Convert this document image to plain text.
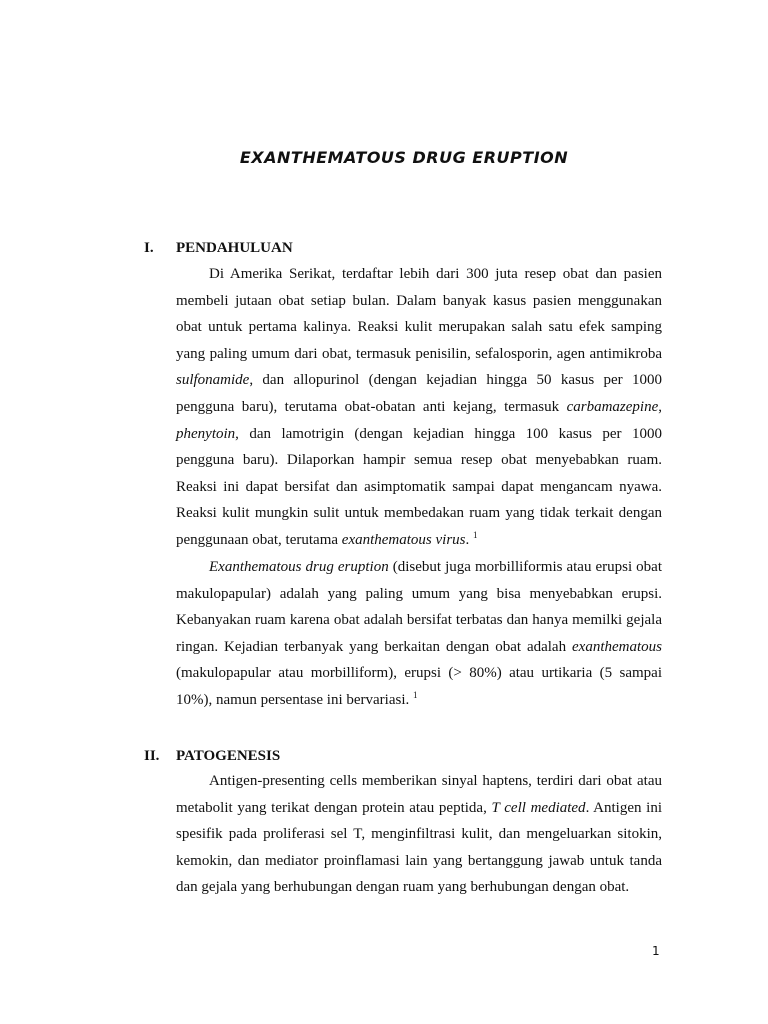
EXANTHEMATOUS DRUG ERUPTION
I. PENDAHULUAN

Di Amerika Serikat, terdaftar lebih dari 300 juta resep obat dan pasien membeli jutaan obat setiap bulan. Dalam banyak kasus pasien menggunakan obat untuk pertama kalinya. Reaksi kulit merupakan salah satu efek samping yang paling umum dari obat, termasuk penisilin, sefalosporin, agen antimikroba sulfonamide, dan allopurinol (dengan kejadian hingga 50 kasus per 1000 pengguna baru), terutama obat-obatan anti kejang, termasuk carbamazepine, phenytoin, dan lamotrigin (dengan kejadian hingga 100 kasus per 1000 pengguna baru). Dilaporkan hampir semua resep obat menyebabkan ruam. Reaksi ini dapat bersifat dan asimptomatik sampai dapat mengancam nyawa. Reaksi kulit mungkin sulit untuk membedakan ruam yang tidak terkait dengan penggunaan obat, terutama exanthematous virus. $^1$

Exanthematous drug eruption (disebut juga morbilliformis atau erupsi obat makulopapular) adalah yang paling umum yang bisa menyebabkan erupsi. Kebanyakan ruam karena obat adalah bersifat terbatas dan hanya memilki gejala ringan. Kejadian terbanyak yang berkaitan dengan obat adalah exanthematous (makulopapular atau morbilliform), erupsi (> 80%) atau urtikaria (5 sampai 10%), namun persentase ini bervariasi. $^1$

II. PATOGENESIS

Antigen-presenting cells memberikan sinyal haptens, terdiri dari obat atau metabolit yang terikat dengan protein atau peptida, T cell mediated. Antigen ini spesifik pada proliferasi sel T, menginfiltrasi kulit, dan mengeluarkan sitokin, kemokin, dan mediator proinflamasi lain yang bertanggung jawab untuk tanda dan gejala yang berhubungan dengan ruam yang berhubungan dengan obat.

1
